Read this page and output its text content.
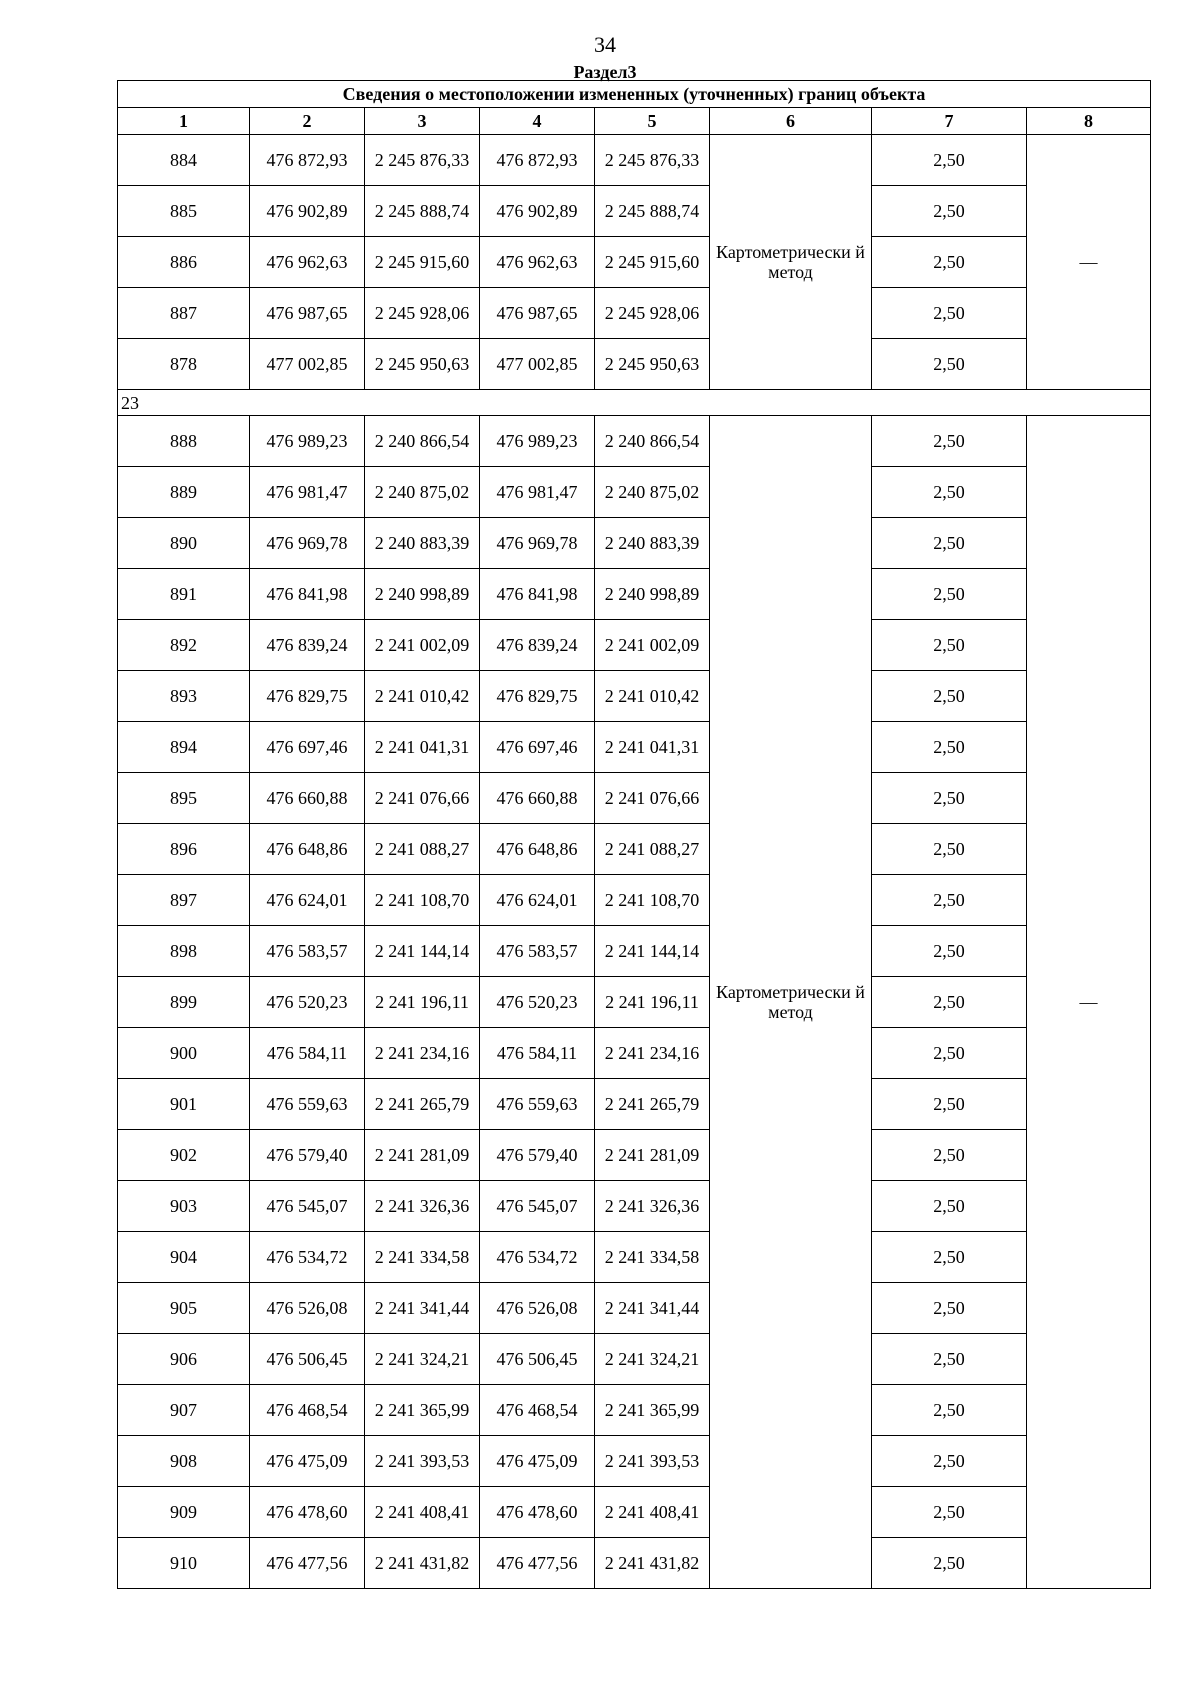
34
Раздел3
Сведения о местоположении измененных (уточненных) границ объекта							
1	2	3	4	5	6	7	8
884	476 872,93	2 245 876,33	476 872,93	2 245 876,33	Картометрически й метод	2,50	—
885	476 902,89	2 245 888,74	476 902,89	2 245 888,74		2,50	
886	476 962,63	2 245 915,60	476 962,63	2 245 915,60		2,50	
887	476 987,65	2 245 928,06	476 987,65	2 245 928,06		2,50	
878	477 002,85	2 245 950,63	477 002,85	2 245 950,63		2,50	
23							
888	476 989,23	2 240 866,54	476 989,23	2 240 866,54	Картометрически й метод	2,50	—
889	476 981,47	2 240 875,02	476 981,47	2 240 875,02		2,50	
890	476 969,78	2 240 883,39	476 969,78	2 240 883,39		2,50	
891	476 841,98	2 240 998,89	476 841,98	2 240 998,89		2,50	
892	476 839,24	2 241 002,09	476 839,24	2 241 002,09		2,50	
893	476 829,75	2 241 010,42	476 829,75	2 241 010,42		2,50	
894	476 697,46	2 241 041,31	476 697,46	2 241 041,31		2,50	
895	476 660,88	2 241 076,66	476 660,88	2 241 076,66		2,50	
896	476 648,86	2 241 088,27	476 648,86	2 241 088,27		2,50	
897	476 624,01	2 241 108,70	476 624,01	2 241 108,70		2,50	
898	476 583,57	2 241 144,14	476 583,57	2 241 144,14		2,50	
899	476 520,23	2 241 196,11	476 520,23	2 241 196,11		2,50	
900	476 584,11	2 241 234,16	476 584,11	2 241 234,16		2,50	
901	476 559,63	2 241 265,79	476 559,63	2 241 265,79		2,50	
902	476 579,40	2 241 281,09	476 579,40	2 241 281,09		2,50	
903	476 545,07	2 241 326,36	476 545,07	2 241 326,36		2,50	
904	476 534,72	2 241 334,58	476 534,72	2 241 334,58		2,50	
905	476 526,08	2 241 341,44	476 526,08	2 241 341,44		2,50	
906	476 506,45	2 241 324,21	476 506,45	2 241 324,21		2,50	
907	476 468,54	2 241 365,99	476 468,54	2 241 365,99		2,50	
908	476 475,09	2 241 393,53	476 475,09	2 241 393,53		2,50	
909	476 478,60	2 241 408,41	476 478,60	2 241 408,41		2,50	
910	476 477,56	2 241 431,82	476 477,56	2 241 431,82		2,50	
